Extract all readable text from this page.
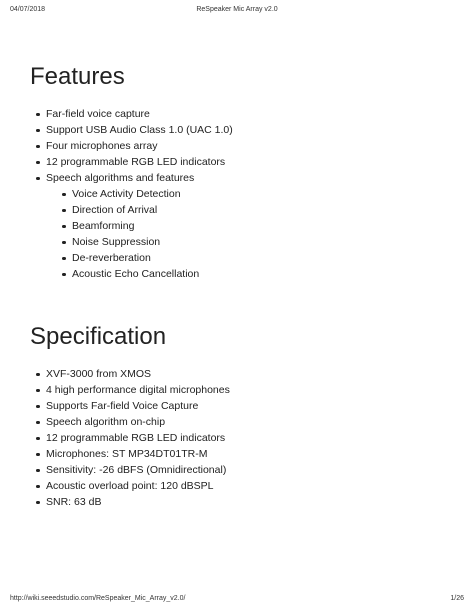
04/07/2018	ReSpeaker Mic Array v2.0
Features
Far-field voice capture
Support USB Audio Class 1.0 (UAC 1.0)
Four microphones array
12 programmable RGB LED indicators
Speech algorithms and features
Voice Activity Detection
Direction of Arrival
Beamforming
Noise Suppression
De-reverberation
Acoustic Echo Cancellation
Specification
XVF-3000 from XMOS
4 high performance digital microphones
Supports Far-field Voice Capture
Speech algorithm on-chip
12 programmable RGB LED indicators
Microphones: ST MP34DT01TR-M
Sensitivity: -26 dBFS (Omnidirectional)
Acoustic overload point: 120 dBSPL
SNR: 63 dB
http://wiki.seeedstudio.com/ReSpeaker_Mic_Array_v2.0/	1/26
